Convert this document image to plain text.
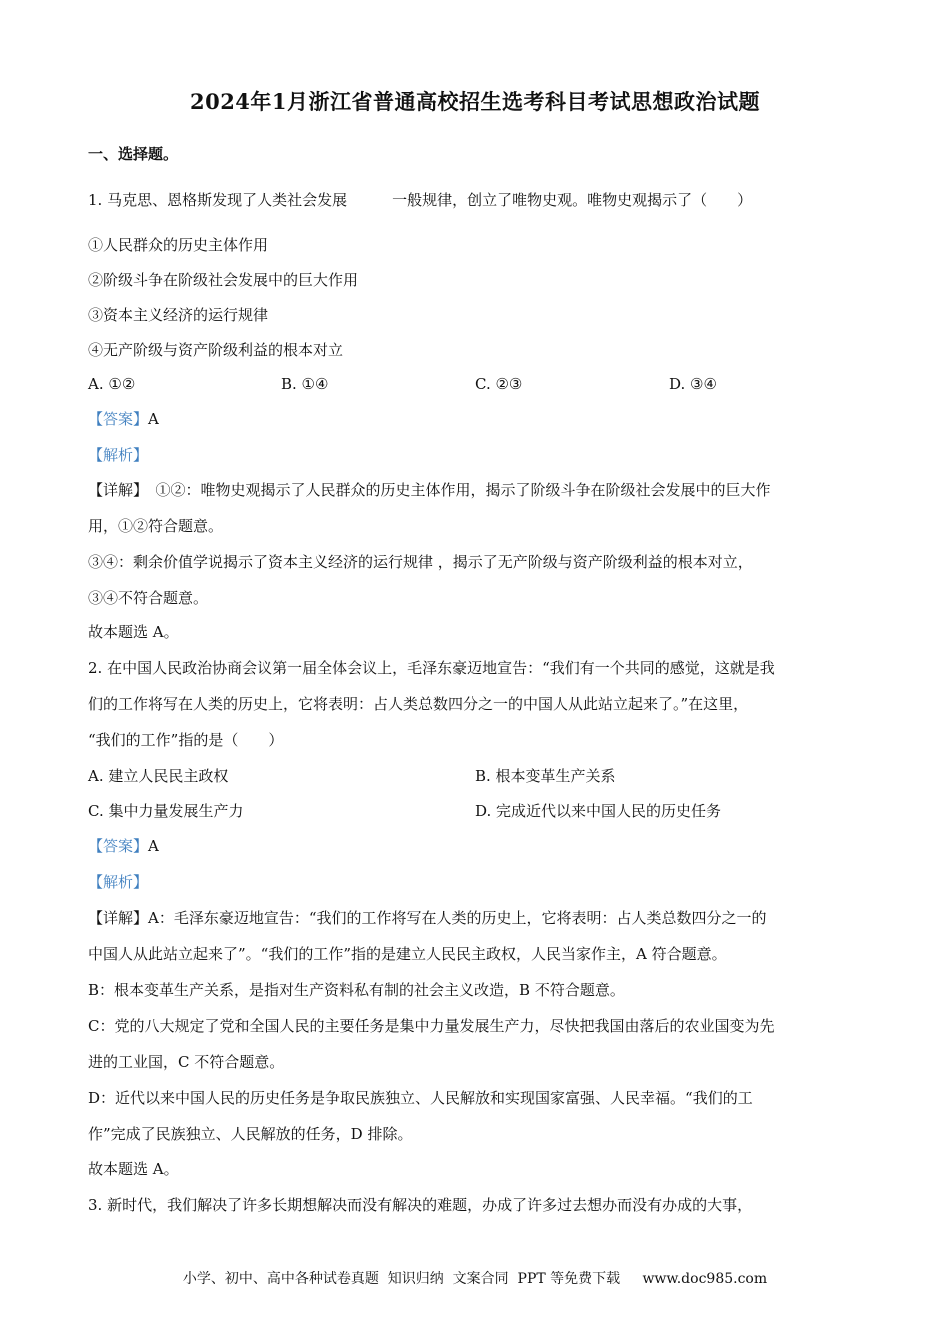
2024年1月浙江省普通高校招生选考科目考试思想政治试题
一、选择题。
1. 马克思、恩格斯发现了人类社会发展　　　一般规律，创立了唯物史观。唯物史观揭示了（　　）
①人民群众的历史主体作用
②阶级斗争在阶级社会发展中的巨大作用
③资本主义经济的运行规律
④无产阶级与资产阶级利益的根本对立
A. ①②	B. ①④	C. ②③	D. ③④
【答案】A
【解析】
【详解】　①②：唯物史观揭示了人民群众的历史主体作用，揭示了阶级斗争在阶级社会发展中的巨大作
用，①②符合题意。
③④：剩余价值学说揭示了资本主义经济的运行规律 ，揭示了无产阶级与资产阶级利益的根本对立，
③④不符合题意。
故本题选 A。
2. 在中国人民政治协商会议第一届全体会议上，毛泽东豪迈地宣告：“我们有一个共同的感觉，这就是我
们的工作将写在人类的历史上，它将表明：占人类总数四分之一的中国人从此站立起来了。”在这里，
“我们的工作”指的是（　　）
A. 建立人民民主政权	B. 根本变革生产关系
C. 集中力量发展生产力	D. 完成近代以来中国人民的历史任务
【答案】A
【解析】
【详解】A：毛泽东豪迈地宣告：“我们的工作将写在人类的历史上，它将表明：占人类总数四分之一的
中国人从此站立起来了”。“我们的工作”指的是建立人民民主政权，人民当家作主，A 符合题意。
B：根本变革生产关系，是指对生产资料私有制的社会主义改造，B 不符合题意。
C：党的八大规定了党和全国人民的主要任务是集中力量发展生产力，尽快把我国由落后的农业国变为先
进的工业国，C 不符合题意。
D：近代以来中国人民的历史任务是争取民族独立、人民解放和实现国家富强、人民幸福。“我们的工
作”完成了民族独立、人民解放的任务，D 排除。
故本题选 A。
3. 新时代，我们解决了许多长期想解决而没有解决的难题，办成了许多过去想办而没有办成的大事，
小学、初中、高中各种试卷真题  知识归纳  文案合同  PPT 等免费下载     www.doc985.com
